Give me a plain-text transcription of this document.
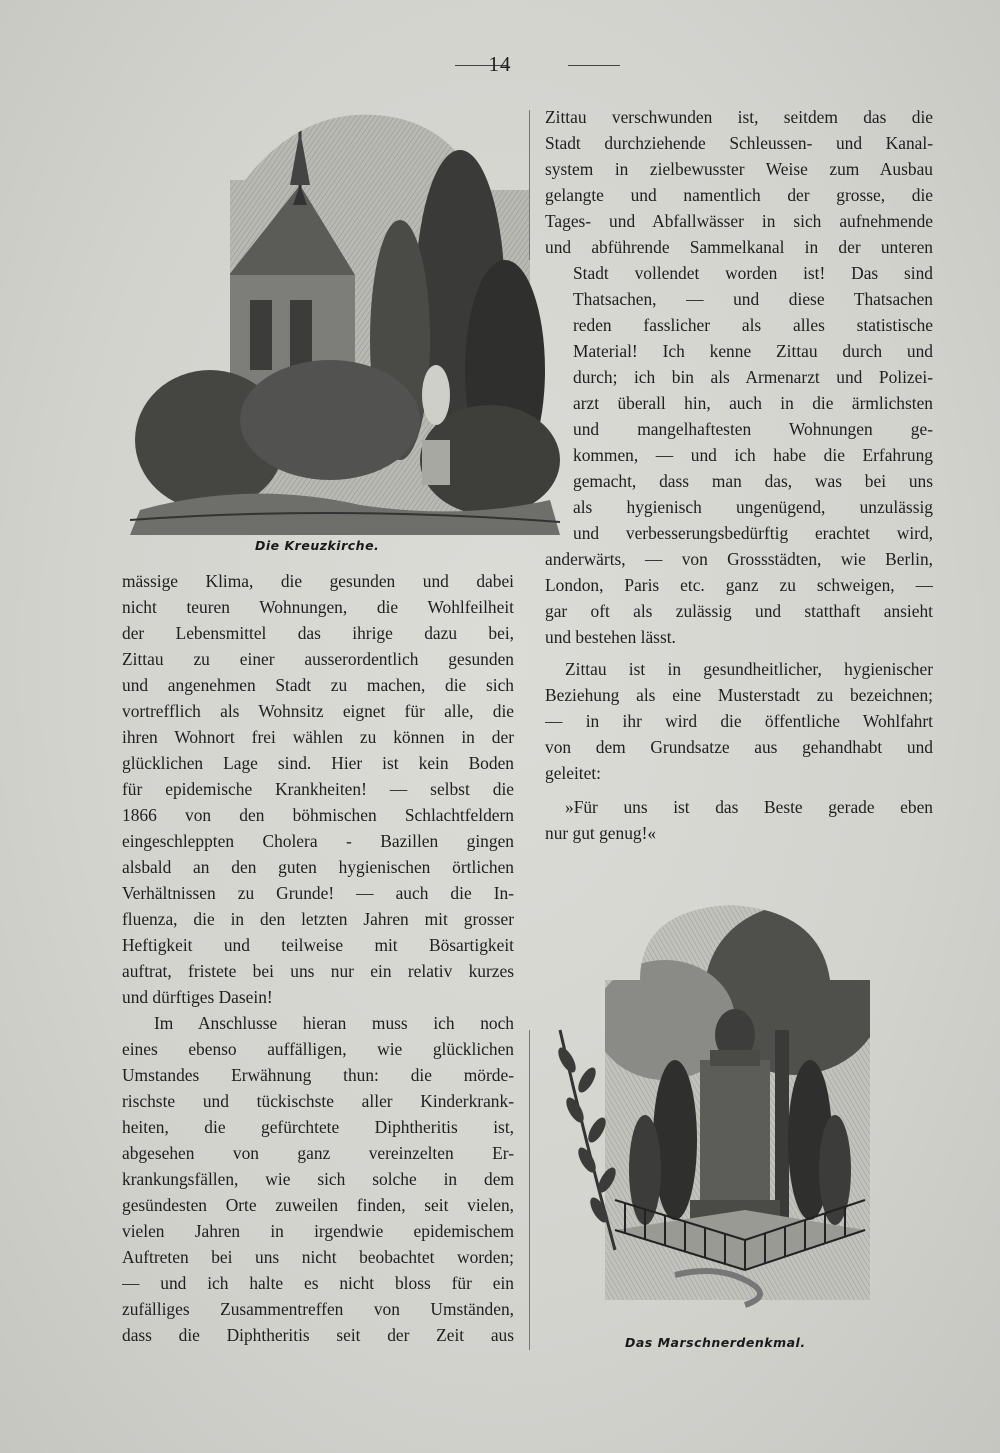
14
Die Kreuzkirche.
mässige Klima, die gesunden und dabei
nicht teuren Wohnungen, die Wohlfeilheit
der Lebensmittel das ihrige dazu bei,
Zittau zu einer ausserordentlich gesunden
und angenehmen Stadt zu machen, die sich
vortrefflich als Wohnsitz eignet für alle, die
ihren Wohnort frei wählen zu können in der
glücklichen Lage sind. Hier ist kein Boden
für epidemische Krankheiten! — selbst die
1866 von den böhmischen Schlachtfeldern
eingeschleppten Cholera - Bazillen gingen
alsbald an den guten hygienischen örtlichen
Verhältnissen zu Grunde! — auch die In-
fluenza, die in den letzten Jahren mit grosser
Heftigkeit und teilweise mit Bösartigkeit
auftrat, fristete bei uns nur ein relativ kurzes
und dürftiges Dasein!
Im Anschlusse hieran muss ich noch
eines ebenso auffälligen, wie glücklichen
Umstandes Erwähnung thun: die mörde-
rischste und tückischste aller Kinderkrank-
heiten, die gefürchtete Diphtheritis ist,
abgesehen von ganz vereinzelten Er-
krankungsfällen, wie sich solche in dem
gesündesten Orte zuweilen finden, seit vielen,
vielen Jahren in irgendwie epidemischem
Auftreten bei uns nicht beobachtet worden;
— und ich halte es nicht bloss für ein
zufälliges Zusammentreffen von Umständen,
dass die Diphtheritis seit der Zeit aus
Zittau verschwunden ist, seitdem das die
Stadt durchziehende Schleussen- und Kanal-
system in zielbewusster Weise zum Ausbau
gelangte und namentlich der grosse, die
Tages- und Abfallwässer in sich aufnehmende
und abführende Sammelkanal in der unteren
Stadt vollendet worden ist! Das sind
Thatsachen, — und diese Thatsachen
reden fasslicher als alles statistische
Material! Ich kenne Zittau durch und
durch; ich bin als Armenarzt und Polizei-
arzt überall hin, auch in die ärmlichsten
und mangelhaftesten Wohnungen ge-
kommen, — und ich habe die Erfahrung
gemacht, dass man das, was bei uns
als hygienisch ungenügend, unzulässig
und verbesserungsbedürftig erachtet wird,
anderwärts, — von Grossstädten, wie Berlin,
London, Paris etc. ganz zu schweigen, —
gar oft als zulässig und statthaft ansieht
und bestehen lässt.
Zittau ist in gesundheitlicher, hygienischer
Beziehung als eine Musterstadt zu bezeichnen;
— in ihr wird die öffentliche Wohlfahrt
von dem Grundsatze aus gehandhabt und
geleitet:
»Für uns ist das Beste gerade eben
nur gut genug!«
Das Marschnerdenkmal.
